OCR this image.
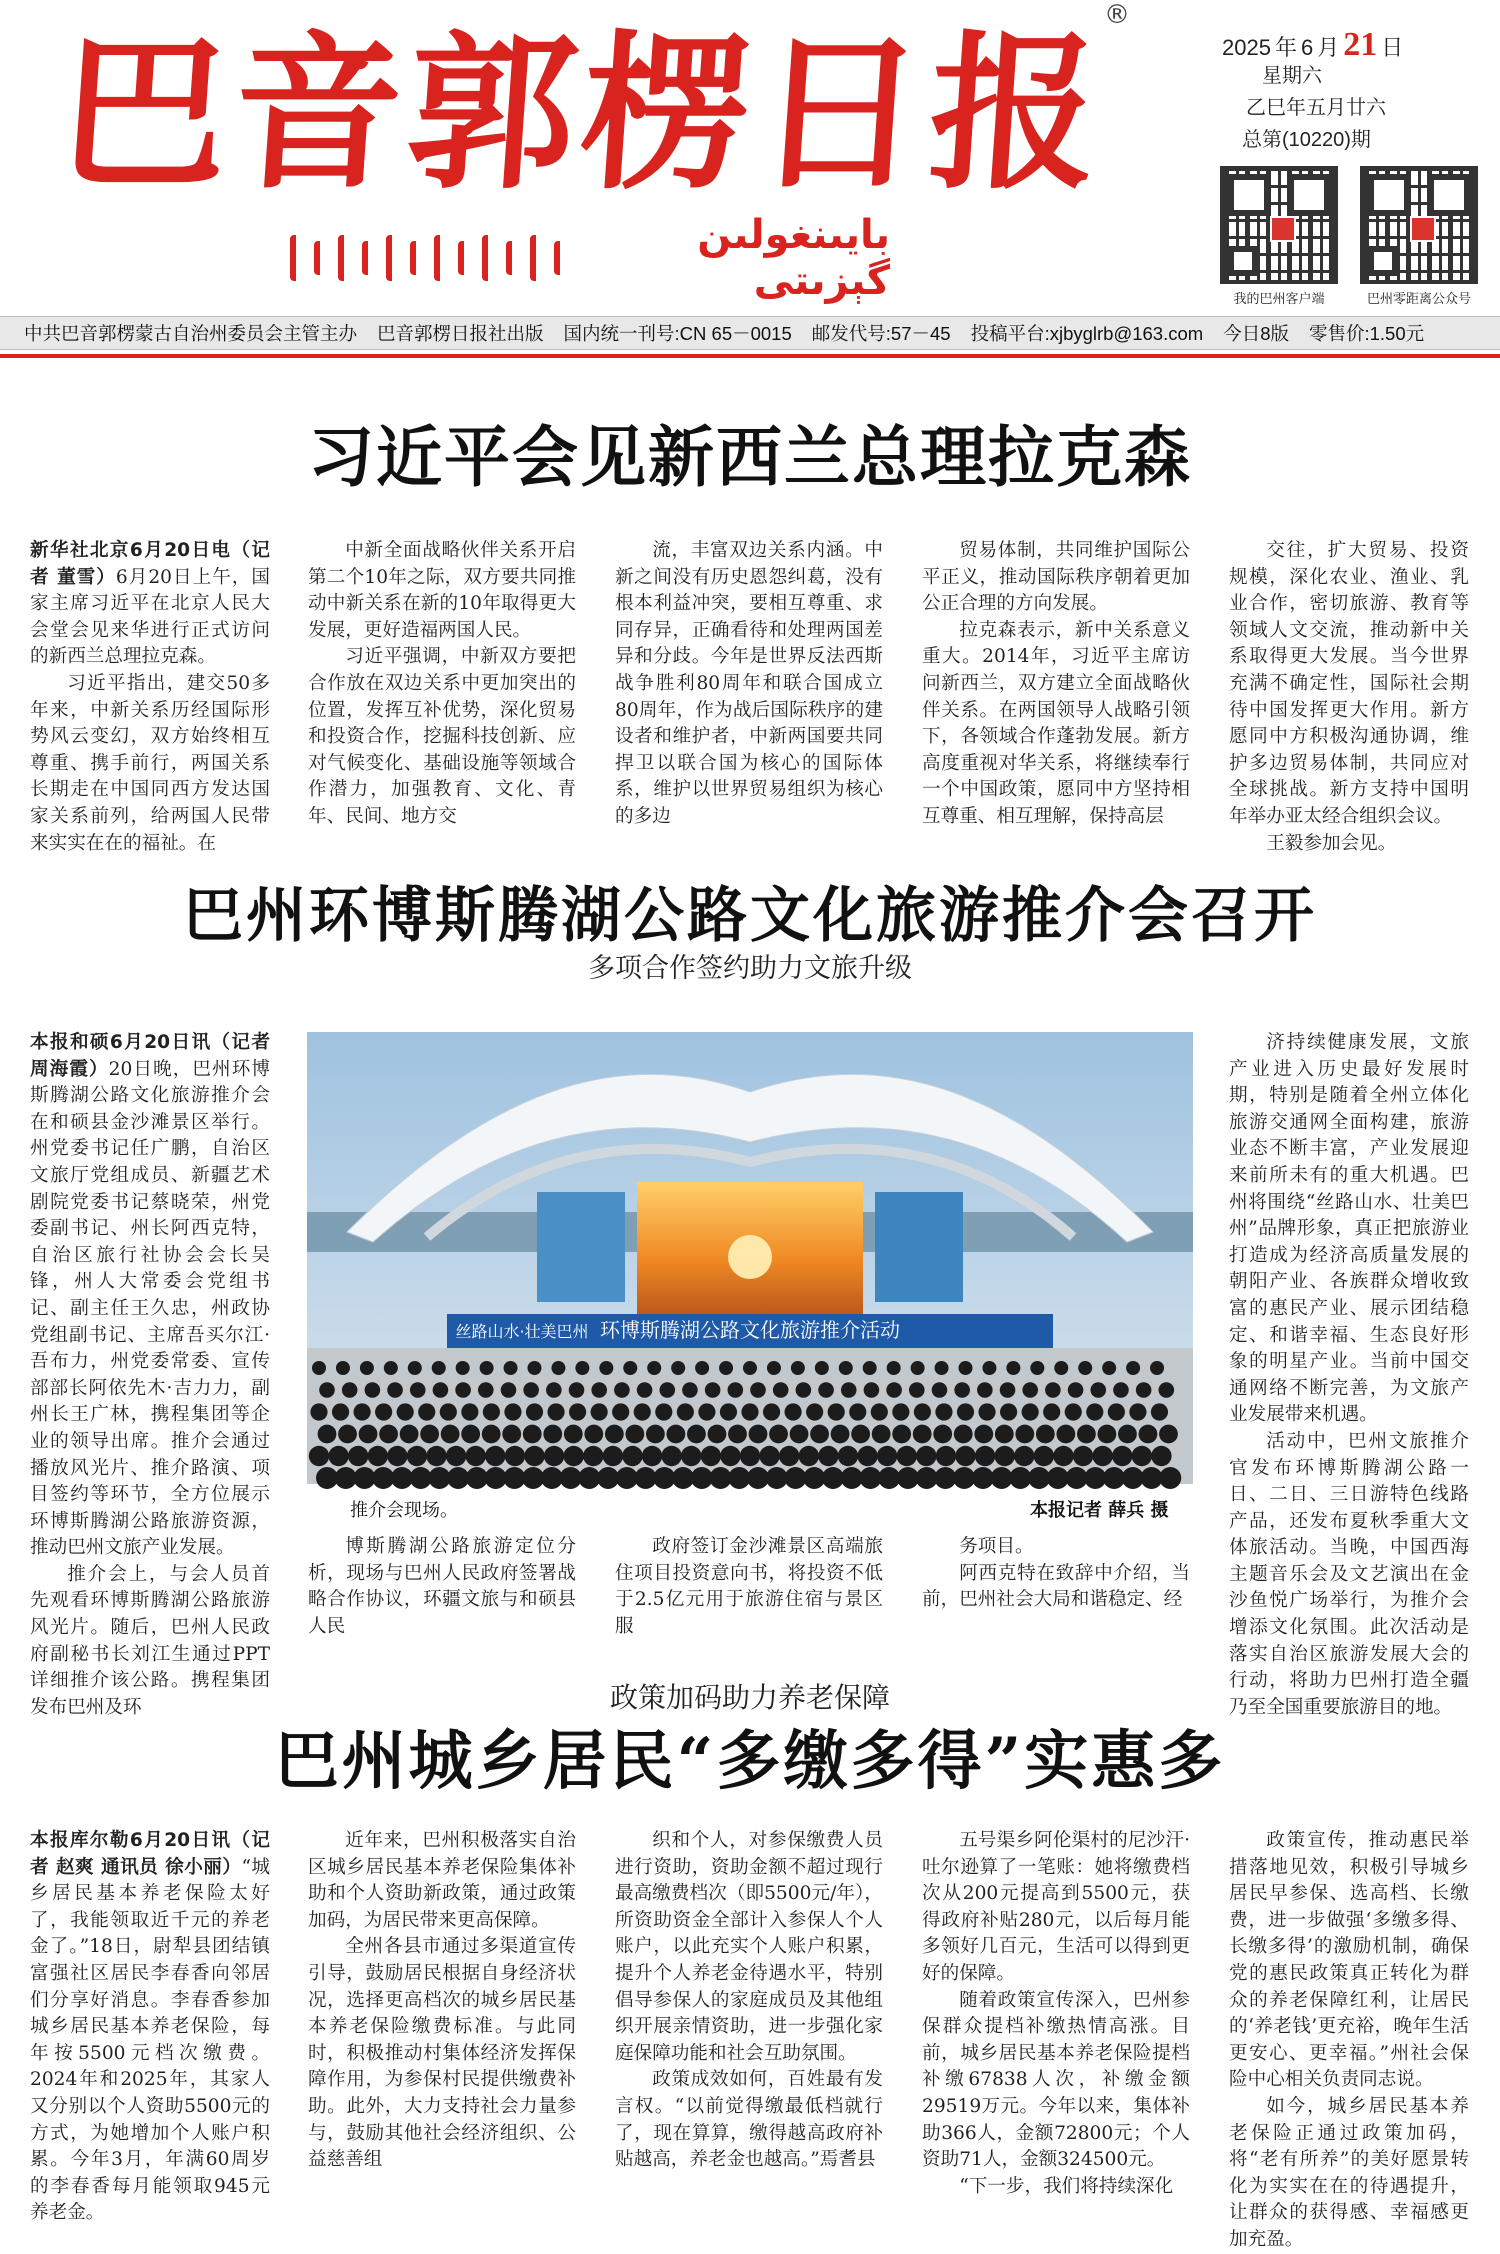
巴音郭楞日报
®
بايىنغولىن گېزىتى
2025 年 6 月 21 日
星期六
乙巳年五月廿六
总第(10220)期
我的巴州客户端	巴州零距离公众号
中共巴音郭楞蒙古自治州委员会主管主办 巴音郭楞日报社出版 国内统一刊号:CN 65－0015 邮发代号:57－45 投稿平台:xjbyglrb@163.com 今日8版 零售价:1.50元
习近平会见新西兰总理拉克森

新华社北京6月20日电（记者 董雪）6月20日上午，国家主席习近平在北京人民大会堂会见来华进行正式访问的新西兰总理拉克森。

习近平指出，建交50多年来，中新关系历经国际形势风云变幻，双方始终相互尊重、携手前行，两国关系长期走在中国同西方发达国家关系前列，给两国人民带来实实在在的福祉。在

中新全面战略伙伴关系开启第二个10年之际，双方要共同推动中新关系在新的10年取得更大发展，更好造福两国人民。

习近平强调，中新双方要把合作放在双边关系中更加突出的位置，发挥互补优势，深化贸易和投资合作，挖掘科技创新、应对气候变化、基础设施等领域合作潜力，加强教育、文化、青年、民间、地方交

流，丰富双边关系内涵。中新之间没有历史恩怨纠葛，没有根本利益冲突，要相互尊重、求同存异，正确看待和处理两国差异和分歧。今年是世界反法西斯战争胜利80周年和联合国成立80周年，作为战后国际秩序的建设者和维护者，中新两国要共同捍卫以联合国为核心的国际体系，维护以世界贸易组织为核心的多边

贸易体制，共同维护国际公平正义，推动国际秩序朝着更加公正合理的方向发展。

拉克森表示，新中关系意义重大。2014年，习近平主席访问新西兰，双方建立全面战略伙伴关系。在两国领导人战略引领下，各领域合作蓬勃发展。新方高度重视对华关系，将继续奉行一个中国政策，愿同中方坚持相互尊重、相互理解，保持高层

交往，扩大贸易、投资规模，深化农业、渔业、乳业合作，密切旅游、教育等领域人文交流，推动新中关系取得更大发展。当今世界充满不确定性，国际社会期待中国发挥更大作用。新方愿同中方积极沟通协调，维护多边贸易体制，共同应对全球挑战。新方支持中国明年举办亚太经合组织会议。

王毅参加会见。

巴州环博斯腾湖公路文化旅游推介会召开
多项合作签约助力文旅升级

本报和硕6月20日讯（记者 周海霞）20日晚，巴州环博斯腾湖公路文化旅游推介会在和硕县金沙滩景区举行。州党委书记任广鹏，自治区文旅厅党组成员、新疆艺术剧院党委书记蔡晓荣，州党委副书记、州长阿西克特，自治区旅行社协会会长吴锋，州人大常委会党组书记、副主任王久忠，州政协党组副书记、主席吾买尔江·吾布力，州党委常委、宣传部部长阿依先木·吉力力，副州长王广林，携程集团等企业的领导出席。推介会通过播放风光片、推介路演、项目签约等环节，全方位展示环博斯腾湖公路旅游资源，推动巴州文旅产业发展。

推介会上，与会人员首先观看环博斯腾湖公路旅游风光片。随后，巴州人民政府副秘书长刘江生通过PPT详细推介该公路。携程集团发布巴州及环

环博斯腾湖公路文化旅游推介活动
丝路山水·壮美巴州
推介会现场。	本报记者 薛兵 摄

博斯腾湖公路旅游定位分析，现场与巴州人民政府签署战略合作协议，环疆文旅与和硕县人民

政府签订金沙滩景区高端旅住项目投资意向书，将投资不低于2.5亿元用于旅游住宿与景区服

务项目。

阿西克特在致辞中介绍，当前，巴州社会大局和谐稳定、经

济持续健康发展，文旅产业进入历史最好发展时期，特别是随着全州立体化旅游交通网全面构建，旅游业态不断丰富，产业发展迎来前所未有的重大机遇。巴州将围绕“丝路山水、壮美巴州”品牌形象，真正把旅游业打造成为经济高质量发展的朝阳产业、各族群众增收致富的惠民产业、展示团结稳定、和谐幸福、生态良好形象的明星产业。当前中国交通网络不断完善，为文旅产业发展带来机遇。

活动中，巴州文旅推介官发布环博斯腾湖公路一日、二日、三日游特色线路产品，还发布夏秋季重大文体旅活动。当晚，中国西海主题音乐会及文艺演出在金沙鱼悦广场举行，为推介会增添文化氛围。此次活动是落实自治区旅游发展大会的行动，将助力巴州打造全疆乃至全国重要旅游目的地。

政策加码助力养老保障
巴州城乡居民“多缴多得”实惠多

本报库尔勒6月20日讯（记者 赵爽 通讯员 徐小丽）“城乡居民基本养老保险太好了，我能领取近千元的养老金了。”18日，尉犁县团结镇富强社区居民李春香向邻居们分享好消息。李春香参加城乡居民基本养老保险，每年按5500元档次缴费。2024年和2025年，其家人又分别以个人资助5500元的方式，为她增加个人账户积累。今年3月，年满60周岁的李春香每月能领取945元养老金。

近年来，巴州积极落实自治区城乡居民基本养老保险集体补助和个人资助新政策，通过政策加码，为居民带来更高保障。

全州各县市通过多渠道宣传引导，鼓励居民根据自身经济状况，选择更高档次的城乡居民基本养老保险缴费标准。与此同时，积极推动村集体经济发挥保障作用，为参保村民提供缴费补助。此外，大力支持社会力量参与，鼓励其他社会经济组织、公益慈善组

织和个人，对参保缴费人员进行资助，资助金额不超过现行最高缴费档次（即5500元/年），所资助资金全部计入参保人个人账户，以此充实个人账户积累，提升个人养老金待遇水平，特别倡导参保人的家庭成员及其他组织开展亲情资助，进一步强化家庭保障功能和社会互助氛围。

政策成效如何，百姓最有发言权。“以前觉得缴最低档就行了，现在算算，缴得越高政府补贴越高，养老金也越高。”焉耆县

五号渠乡阿伦渠村的尼沙汗·吐尔逊算了一笔账：她将缴费档次从200元提高到5500元，获得政府补贴280元，以后每月能多领好几百元，生活可以得到更好的保障。

随着政策宣传深入，巴州参保群众提档补缴热情高涨。目前，城乡居民基本养老保险提档补缴67838人次，补缴金额29519万元。今年以来，集体补助366人，金额72800元；个人资助71人，金额324500元。

“下一步，我们将持续深化

政策宣传，推动惠民举措落地见效，积极引导城乡居民早参保、选高档、长缴费，进一步做强‘多缴多得、长缴多得’的激励机制，确保党的惠民政策真正转化为群众的养老保障红利，让居民的‘养老钱’更充裕，晚年生活更安心、更幸福。”州社会保险中心相关负责同志说。

如今，城乡居民基本养老保险正通过政策加码，将“老有所养”的美好愿景转化为实实在在的待遇提升，让群众的获得感、幸福感更加充盈。
